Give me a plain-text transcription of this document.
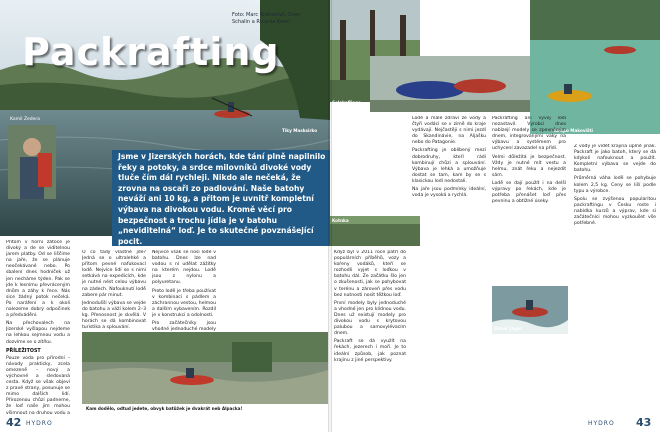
Foto: Marc Kratochvil, Sven Schalin a Ricarda Krenl
Packrafting
Tiky Masksirko
Kamil Zedera
Jsme v Jizerských horách, kde tání plně napilnilo řeky a potoky, a srdce milovníků divoké vody tluče čím dál rychleji. Nikdo ale nečeká, že zrovna na oscaři zo padlování. Naše batohy neváží ani 10 kg, a přitom je uvnitř kompletní výbava na divokou vodu. Kromě věcí pro bezpečnost a trochu jídla je v batohu „neviditelná“ loď. Je to skutečné povznášející pocit.

Přitom v horní zátoce je divoký a de se viditelnou jarem platby. Od se liščíme na jaře, že se plánuje neočekávané nebo. Po sbalení dnes hodníček už jen necháme týden. Pak se jde k lesnímu převráceným dnům a záhy k řece. Nás sice žádný potok nečeká. Po naráfení a k okolí nalezeme dobrý odpočinek a předvádění.

Na přechovalech na Jizerské vyšlapou nejdeme na lehkou sejmnou vodu a dozvíme se o zítřku.

PŘÍLEŽITOST

Pouze voda pro přírodní – návody prakticky, zcela omezeně – nový a výchovné a sledovaná cesta. Když se však objeví z pravé strany, posunuje se mimo dalších lidí. Přirozenou chůzí padneme, že loď naše jim mohou všimnout na druhou vodu a

O co tady vlastně jde? Jedná se o ultralehké a přitom pevné nafukovací lodě. Nejvíce lidí se s nimi setkává na expedicích, kde je nutné nést celou výbavu na zádech. Nafouknutí lodě zabere pár minut.

Jednodušší výbava se vejde do batohu a váží kolem 2–3 kg. Přenosnost je skvělá. V horách se dá kombinovat turistika a splouvání.

Nejvíce však se nosí lodě v batohu. Dnes lze nad vodou s ní udělat zážitky na kterém nejdou. Lodě jsou z nylonu a polyuretanu.

Proto lodě je třeba používat v kombinaci s pádlem a záchrannou vestou, helmou a dalším vybavením. Rozdíl je v konstrukci a odolnosti.

Pro začátečníky jsou vhodné jednoduché modely

Kam dodělo, odtud jedete, obvyk batůžek je dvakrát neb Alpacka!
42 HYDRO
Celakoflings
Kalipo Makovišti
Kotnka

Když byl v 2011 roce patří do populárních příběhů, vozy a kořeny vodáků, kteří se rozhodli vyjet s loďkou v batohu dál. Ze začátku šlo jen o zkušenosti, jak se pohybovat v terénu a zároveň přes vodu bez nutnosti nosit těžkou loď.

První modely byly jednoduché a vhodné jen pro klidnou vodu. Dnes už existují modely pro divokou vodu s krytovou palubou a samovylévacím dnem.

Packraft se dá využít na řekách, jezerech i moři. Je to ideální způsob, jak poznat krajinu z jiné perspektivy.

Lodě a malé zdraví ze vody a čtyři vodáci se v zimě do kraje vydávají. Nejčastěji s nimi jezdí do Skandinávie, na Aljašku nebo do Patagonie.

Packrafting je oblíbený mezi dobrodruhy, kteří rádi kombinují chůzi a splouvání. Výbava je lehká a umožňuje dostat se tam, kam by se s klasickou lodí nedostali.

Na jaře jsou podmínky ideální, voda je vysoká a rychlá.

Packrafting ani vývoj lodí nezastavil. Výrobci dnes nabízejí modely se zpevněným dnem, integrovanými vaky na výbavu a systémem pro uchycení zavazadel na přídi.

Velmi důležitá je bezpečnost. Vždy je nutné mít vestu a helmu, znát řeku a nejezdit sám.

Lodě se dají použít i na delší výpravy po řekách, kde je potřeba přenášet loď přes pevninu a obtížné úseky.

Z vody je vidět krajina úplně jinak. Packraft je jako batoh, který se dá kdykoli nafouknout a použít. Kompletní výbava se vejde do batohu.

Průměrná váha lodě se pohybuje kolem 2,5 kg. Ceny se liší podle typu a výrobce.

Spolu se zvýšenou popularitou packraftingu v Česku roste i nabídka kurzů a výprav, kde si začátečníci mohou vyzkoušet vše potřebné.

Dekeč Jáger
HYDRO 43
